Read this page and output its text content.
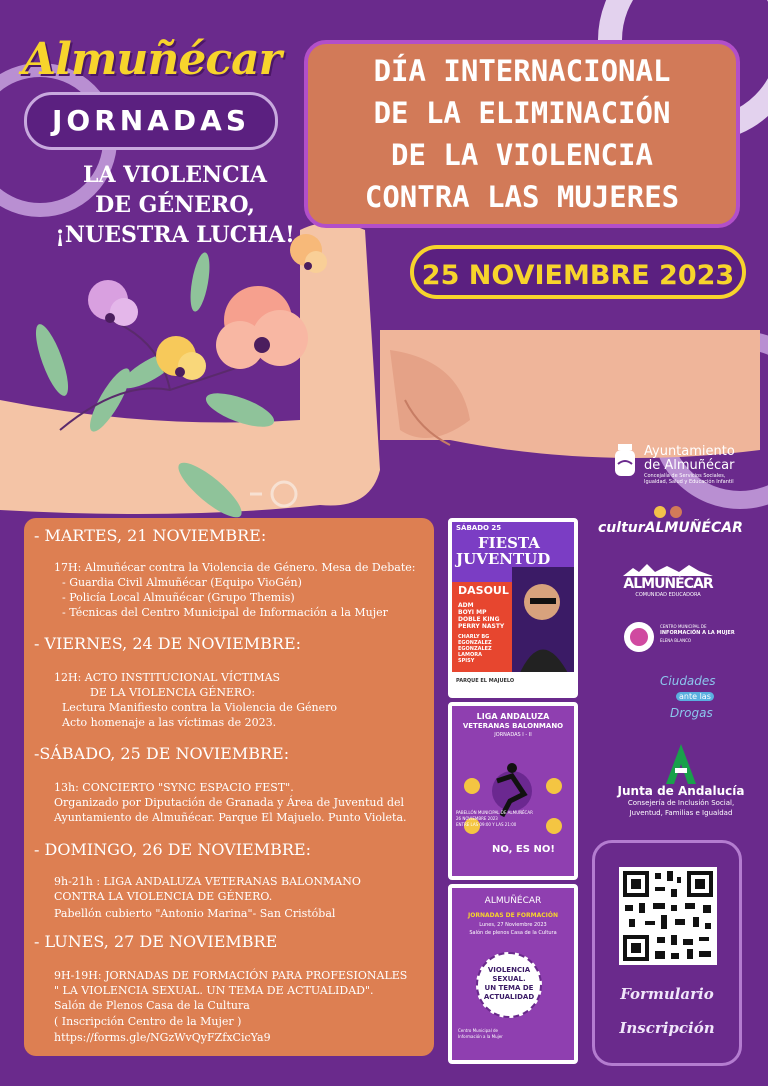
Almuñécar
JORNADAS
LA VIOLENCIA
DE GÉNERO,
¡NUESTRA LUCHA!
DÍA INTERNACIONAL
DE LA ELIMINACIÓN
DE LA VIOLENCIA
CONTRA LAS MUJERES
25 NOVIEMBRE 2023
Ayuntamiento
de Almuñécar
Concejalía de Servicios Sociales,
Igualdad, Salud y Educación Infantil
- MARTES, 21 NOVIEMBRE:
17H: Almuñécar contra la Violencia de Género. Mesa de Debate:
- Guardia Civil Almuñécar (Equipo VioGén)
- Policía Local Almuñécar (Grupo Themis)
- Técnicas del Centro Municipal de Información a la Mujer
- VIERNES, 24 DE NOVIEMBRE:
12H: ACTO INSTITUCIONAL VÍCTIMAS
DE LA VIOLENCIA GÉNERO:
Lectura Manifiesto contra la Violencia de Género
Acto homenaje a las víctimas de 2023.
-SÁBADO, 25 DE NOVIEMBRE:
13h: CONCIERTO "SYNC ESPACIO FEST".
Organizado por Diputación de Granada y Área de Juventud del
Ayuntamiento de Almuñécar. Parque El Majuelo. Punto Violeta.
- DOMINGO, 26 DE NOVIEMBRE:
9h-21h : LIGA ANDALUZA VETERANAS BALONMANO
CONTRA LA VIOLENCIA DE GÉNERO.
Pabellón cubierto "Antonio Marina"- San Cristóbal
- LUNES, 27 DE NOVIEMBRE
9H-19H: JORNADAS DE FORMACIÓN PARA PROFESIONALES
" LA VIOLENCIA SEXUAL. UN TEMA DE ACTUALIDAD".
Salón de Plenos Casa de la Cultura
( Inscripción Centro de la Mujer )
https://forms.gle/NGzWvQyFZfxCicYa9
SÁBADO 25
FIESTA
JUVENTUD
DASOUL
ADM
BOYI MP
DOBLE KING
PERRY NASTY
CHARLY BG
EGONZALEZ
EGONZALEZ
LAMORA
SPISY
PARQUE EL MAJUELO
LIGA ANDALUZA
VETERANAS BALONMANO
JORNADAS I - II
PABELLÓN MUNICIPAL DE ALMUÑÉCAR
26 NOVIEMBRE 2023
ENTRE LAS 09:00 Y LAS 21:00
NO, ES NO!
ALMUÑÉCAR
JORNADAS DE FORMACIÓN
Lunes, 27 Noviembre 2023
Salón de plenos Casa de la Cultura
VIOLENCIA
SEXUAL.
UN TEMA DE
ACTUALIDAD
Centro Municipal de
Información a la Mujer
culturALMUÑÉCAR
ALMUÑÉCAR
COMUNIDAD EDUCADORA
CENTRO MUNICIPAL DE
INFORMACIÓN A LA MUJER
ELENA BLANCO
Ciudades
ante las
Drogas
Junta de Andalucía
Consejería de Inclusión Social,
Juventud, Familias e Igualdad
Formulario
Inscripción
